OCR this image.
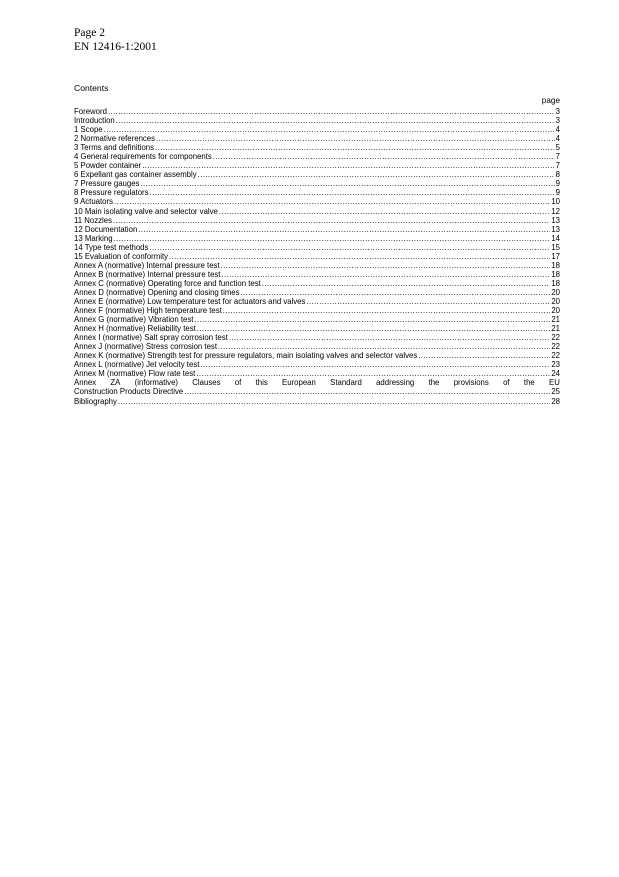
Page 2
EN 12416-1:2001
Contents
page
Foreword .....	3
Introduction .....	3
1 Scope .....	4
2 Normative references .....	4
3 Terms and definitions .....	5
4 General requirements for components .....	7
5 Powder container .....	7
6 Expellant gas container assembly .....	8
7 Pressure gauges .....	9
8 Pressure regulators .....	9
9 Actuators .....	10
10 Main isolating valve and selector valve .....	12
11 Nozzles .....	13
12 Documentation .....	13
13 Marking .....	14
14 Type test methods .....	15
15 Evaluation of conformity .....	17
Annex A (normative) Internal pressure test .....	18
Annex B (normative) Internal pressure test .....	18
Annex C (normative) Operating force and function test .....	18
Annex D (normative) Opening and closing times .....	20
Annex E (normative) Low temperature test for actuators and valves .....	20
Annex F (normative) High temperature test .....	20
Annex G (normative) Vibration test .....	21
Annex H (normative) Reliability test .....	21
Annex I (normative) Salt spray corrosion test .....	22
Annex J (normative) Stress corrosion test .....	22
Annex K (normative) Strength test for pressure regulators, main isolating valves and selector valves .....	22
Annex L (normative) Jet velocity test .....	23
Annex M (normative) Flow rate test .....	24
Annex ZA (informative) Clauses of this European Standard addressing the provisions of the EU
Construction Products Directive .....	25
Bibliography .....	28
